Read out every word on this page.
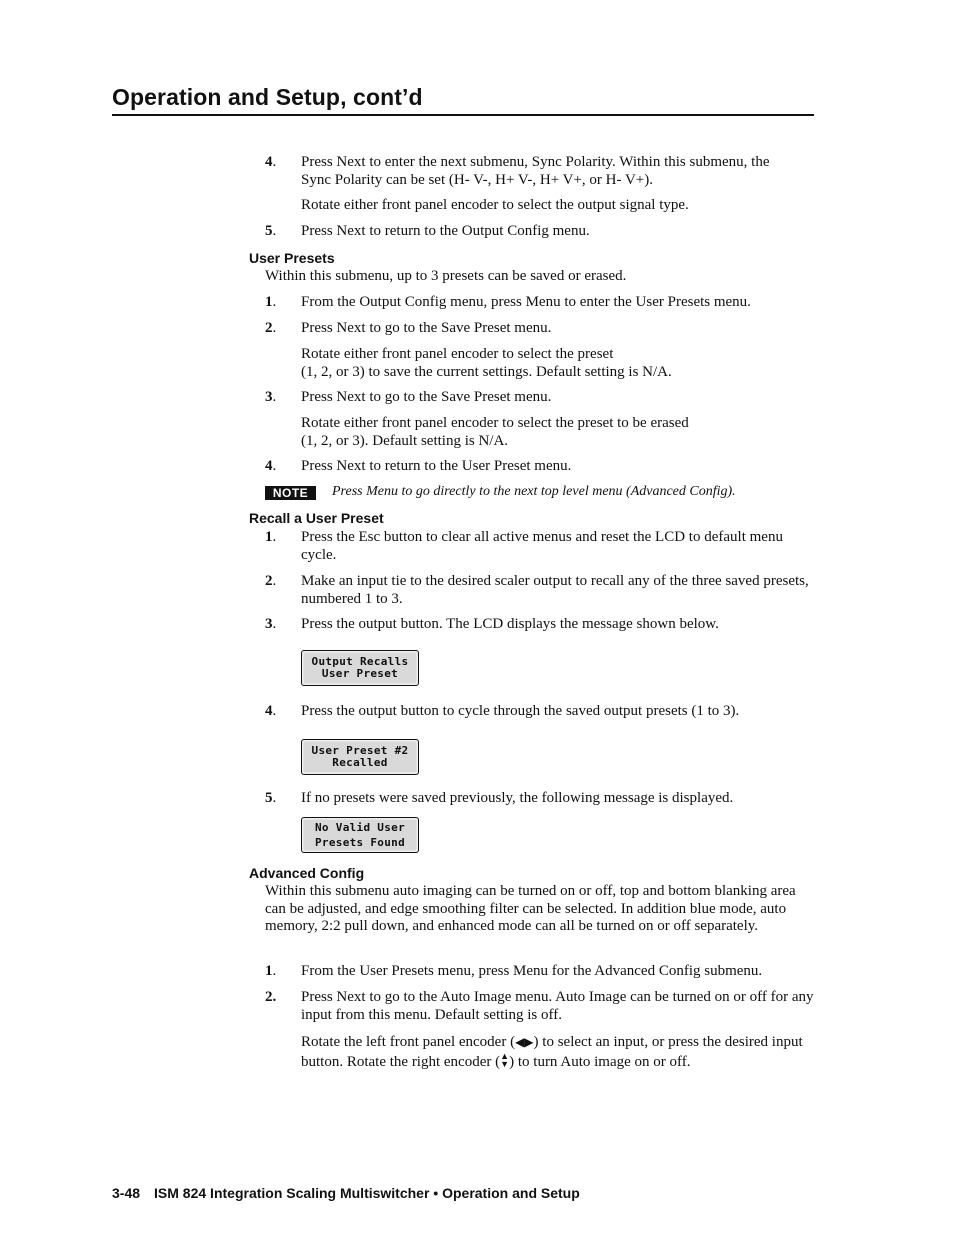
Operation and Setup, cont’d
4. Press Next to enter the next submenu, Sync Polarity. Within this submenu, the Sync Polarity can be set (H- V-, H+ V-, H+ V+, or H- V+).
Rotate either front panel encoder to select the output signal type.
5. Press Next to return to the Output Config menu.
User Presets
Within this submenu, up to 3 presets can be saved or erased.
1. From the Output Config menu, press Menu to enter the User Presets menu.
2. Press Next to go to the Save Preset menu.
Rotate either front panel encoder to select the preset
(1, 2, or 3) to save the current settings. Default setting is N/A.
3. Press Next to go to the Save Preset menu.
Rotate either front panel encoder to select the preset to be erased
(1, 2, or 3). Default setting is N/A.
4. Press Next to return to the User Preset menu.
NOTE	Press Menu to go directly to the next top level menu (Advanced Config).
Recall a User Preset
1. Press the Esc button to clear all active menus and reset the LCD to default menu cycle.
2. Make an input tie to the desired scaler output to recall any of the three saved presets, numbered 1 to 3.
3. Press the output button. The LCD displays the message shown below.
Output Recalls
User Preset
4. Press the output button to cycle through the saved output presets (1 to 3).
User Preset #2
Recalled
5. If no presets were saved previously, the following message is displayed.
No Valid User
Presets Found
Advanced Config
Within this submenu auto imaging can be turned on or off, top and bottom blanking area can be adjusted, and edge smoothing filter can be selected. In addition blue mode, auto memory, 2:2 pull down, and enhanced mode can all be turned on or off separately.
1. From the User Presets menu, press Menu for the Advanced Config submenu.
2. Press Next to go to the Auto Image menu. Auto Image can be turned on or off for any input from this menu. Default setting is off.
Rotate the left front panel encoder (◀▶) to select an input, or press the desired input button. Rotate the right encoder (▲▼) to turn Auto image on or off.
3-48 ISM 824 Integration Scaling Multiswitcher • Operation and Setup
